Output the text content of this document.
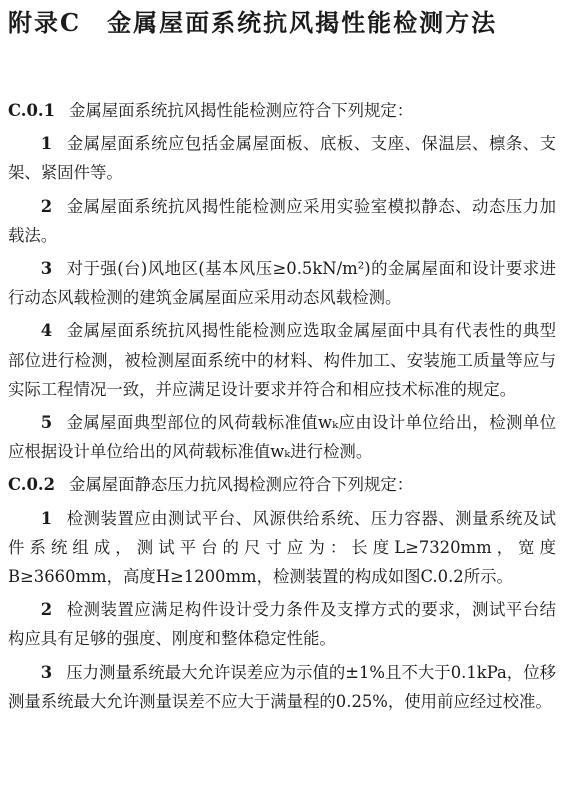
附录C 金属屋面系统抗风揭性能检测方法

C.0.1 金属屋面系统抗风揭性能检测应符合下列规定：

1 金属屋面系统应包括金属屋面板、底板、支座、保温层、檩条、支架、紧固件等。

2 金属屋面系统抗风揭性能检测应采用实验室模拟静态、动态压力加载法。

3 对于强(台)风地区(基本风压≥0.5kN/m²)的金属屋面和设计要求进行动态风载检测的建筑金属屋面应采用动态风载检测。

4 金属屋面系统抗风揭性能检测应选取金属屋面中具有代表性的典型部位进行检测，被检测屋面系统中的材料、构件加工、安装施工质量等应与实际工程情况一致，并应满足设计要求并符合和相应技术标准的规定。

5 金属屋面典型部位的风荷载标准值wₖ应由设计单位给出，检测单位应根据设计单位给出的风荷载标准值wₖ进行检测。

C.0.2 金属屋面静态压力抗风揭检测应符合下列规定：

1 检测装置应由测试平台、风源供给系统、压力容器、测量系统及试件系统组成，测试平台的尺寸应为：长度L≥7320mm，宽度B≥3660mm，高度H≥1200mm，检测装置的构成如图C.0.2所示。

2 检测装置应满足构件设计受力条件及支撑方式的要求，测试平台结构应具有足够的强度、刚度和整体稳定性能。

3 压力测量系统最大允许误差应为示值的±1%且不大于0.1kPa，位移测量系统最大允许测量误差不应大于满量程的0.25%，使用前应经过校准。
